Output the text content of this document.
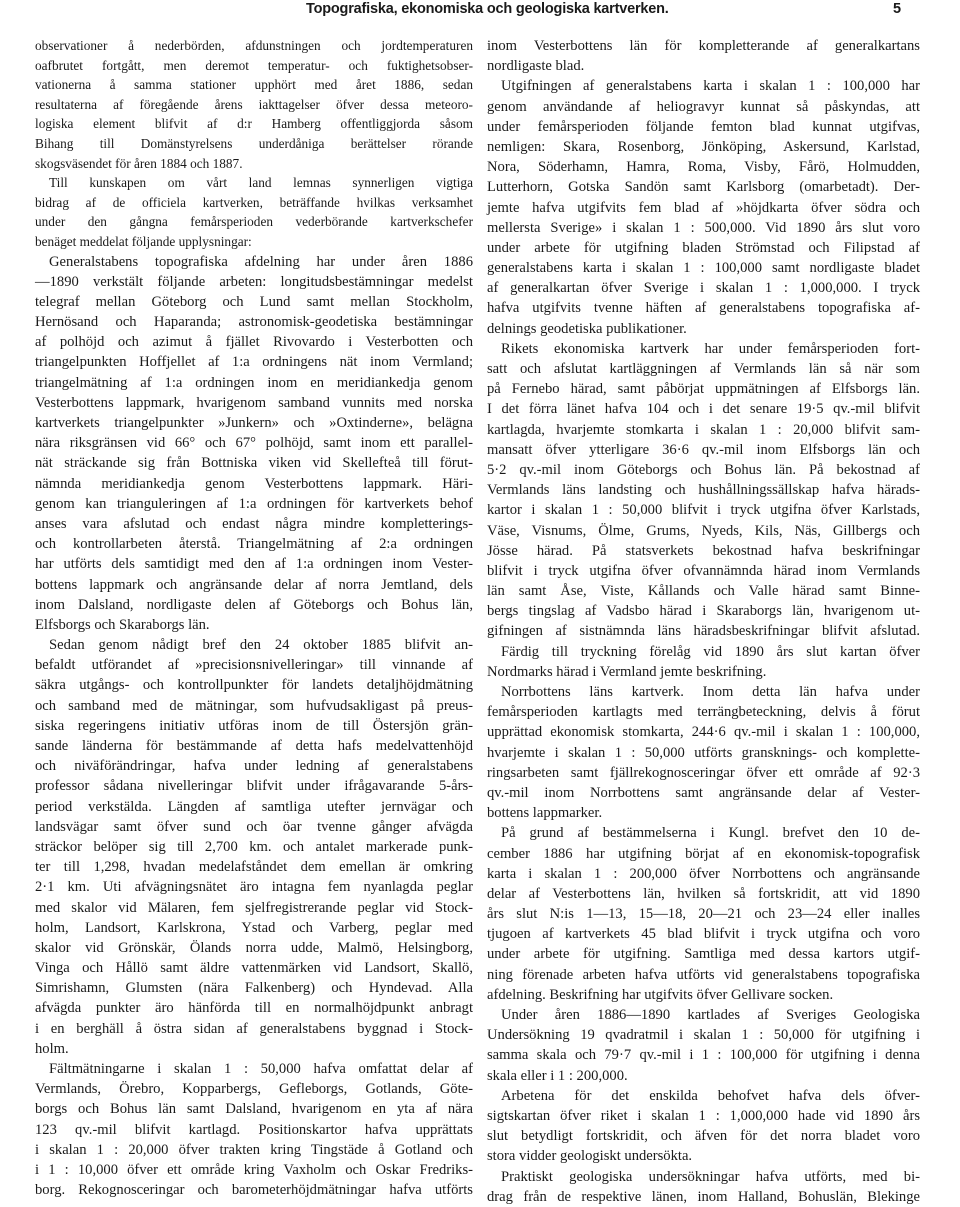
Topografiska, ekonomiska och geologiska kartverken.	5
observationer å nederbörden, afdunstningen och jordtemperaturen
oafbrutet fortgått, men deremot temperatur- och fuktighetsobser-
vationerna å samma stationer upphört med året 1886, sedan
resultaterna af föregående årens iakttagelser öfver dessa meteoro-
logiska element blifvit af d:r Hamberg offentliggjorda såsom
Bihang till Domänstyrelsens underdåniga berättelser rörande
skogsväsendet för åren 1884 och 1887.
Till kunskapen om vårt land lemnas synnerligen vigtiga
bidrag af de officiela kartverken, beträffande hvilkas verksamhet
under den gångna femårsperioden vederbörande kartverkschefer
benäget meddelat följande upplysningar:
Generalstabens topografiska afdelning har under åren 1886
—1890 verkstält följande arbeten: longitudsbestämningar medelst
telegraf mellan Göteborg och Lund samt mellan Stockholm,
Hernösand och Haparanda; astronomisk-geodetiska bestämningar
af polhöjd och azimut å fjället Rivovardo i Vesterbotten och
triangelpunkten Hoffjellet af 1:a ordningens nät inom Vermland;
triangelmätning af 1:a ordningen inom en meridiankedja genom
Vesterbottens lappmark, hvarigenom samband vunnits med norska
kartverkets triangelpunkter »Junkern» och »Oxtinderne», belägna
nära riksgränsen vid 66° och 67° polhöjd, samt inom ett parallel-
nät sträckande sig från Bottniska viken vid Skellefteå till förut-
nämnda meridiankedja genom Vesterbottens lappmark. Häri-
genom kan trianguleringen af 1:a ordningen för kartverkets behof
anses vara afslutad och endast några mindre kompletterings-
och kontrollarbeten återstå. Triangelmätning af 2:a ordningen
har utförts dels samtidigt med den af 1:a ordningen inom Vester-
bottens lappmark och angränsande delar af norra Jemtland, dels
inom Dalsland, nordligaste delen af Göteborgs och Bohus län,
Elfsborgs och Skaraborgs län.
Sedan genom nådigt bref den 24 oktober 1885 blifvit an-
befaldt utförandet af »precisionsnivelleringar» till vinnande af
säkra utgångs- och kontrollpunkter för landets detaljhöjdmätning
och samband med de mätningar, som hufvudsakligast på preus-
siska regeringens initiativ utföras inom de till Östersjön grän-
sande länderna för bestämmande af detta hafs medelvattenhöjd
och niväförändringar, hafva under ledning af generalstabens
professor sådana nivelleringar blifvit under ifrågavarande 5-års-
period verkstälda. Längden af samtliga utefter jernvägar och
landsvägar samt öfver sund och öar tvenne gånger afvägda
sträckor belöper sig till 2,700 km. och antalet markerade punk-
ter till 1,298, hvadan medelafståndet dem emellan är omkring
2·1 km. Uti afvägningsnätet äro intagna fem nyanlagda peglar
med skalor vid Mälaren, fem sjelfregistrerande peglar vid Stock-
holm, Landsort, Karlskrona, Ystad och Varberg, peglar med
skalor vid Grönskär, Ölands norra udde, Malmö, Helsingborg,
Vinga och Hållö samt äldre vattenmärken vid Landsort, Skallö,
Simrishamn, Glumsten (nära Falkenberg) och Hyndevad. Alla
afvägda punkter äro hänförda till en normalhöjdpunkt anbragt
i en berghäll å östra sidan af generalstabens byggnad i Stock-
holm.
Fältmätningarne i skalan 1 : 50,000 hafva omfattat delar af
Vermlands, Örebro, Kopparbergs, Gefleborgs, Gotlands, Göte-
borgs och Bohus län samt Dalsland, hvarigenom en yta af nära
123 qv.-mil blifvit kartlagd. Positionskartor hafva upprättats
i skalan 1 : 20,000 öfver trakten kring Tingstäde å Gotland och
i 1 : 10,000 öfver ett område kring Vaxholm och Oskar Fredriks-
borg. Rekognosceringar och barometerhöjdmätningar hafva utförts
inom Vesterbottens län för kompletterande af generalkartans
nordligaste blad.
Utgifningen af generalstabens karta i skalan 1 : 100,000 har
genom användande af heliogravyr kunnat så påskyndas, att
under femårsperioden följande femton blad kunnat utgifvas,
nemligen: Skara, Rosenborg, Jönköping, Askersund, Karlstad,
Nora, Söderhamn, Hamra, Roma, Visby, Fårö, Holmudden,
Lutterhorn, Gotska Sandön samt Karlsborg (omarbetadt). Der-
jemte hafva utgifvits fem blad af »höjdkarta öfver södra och
mellersta Sverige» i skalan 1 : 500,000. Vid 1890 års slut voro
under arbete för utgifning bladen Strömstad och Filipstad af
generalstabens karta i skalan 1 : 100,000 samt nordligaste bladet
af generalkartan öfver Sverige i skalan 1 : 1,000,000. I tryck
hafva utgifvits tvenne häften af generalstabens topografiska af-
delnings geodetiska publikationer.
Rikets ekonomiska kartverk har under femårsperioden fort-
satt och afslutat kartläggningen af Vermlands län så när som
på Fernebo härad, samt påbörjat uppmätningen af Elfsborgs län.
I det förra länet hafva 104 och i det senare 19·5 qv.-mil blifvit
kartlagda, hvarjemte stomkarta i skalan 1 : 20,000 blifvit sam-
mansatt öfver ytterligare 36·6 qv.-mil inom Elfsborgs län och
5·2 qv.-mil inom Göteborgs och Bohus län. På bekostnad af
Vermlands läns landsting och hushållningssällskap hafva härads-
kartor i skalan 1 : 50,000 blifvit i tryck utgifna öfver Karlstads,
Väse, Visnums, Ölme, Grums, Nyeds, Kils, Näs, Gillbergs och
Jösse härad. På statsverkets bekostnad hafva beskrifningar
blifvit i tryck utgifna öfver ofvannämnda härad inom Vermlands
län samt Åse, Viste, Kållands och Valle härad samt Binne-
bergs tingslag af Vadsbo härad i Skaraborgs län, hvarigenom ut-
gifningen af sistnämnda läns häradsbeskrifningar blifvit afslutad.
Färdig till tryckning förelåg vid 1890 års slut kartan öfver
Nordmarks härad i Vermland jemte beskrifning.
Norrbottens läns kartverk. Inom detta län hafva under
femårsperioden kartlagts med terrängbeteckning, delvis å förut
upprättad ekonomisk stomkarta, 244·6 qv.-mil i skalan 1 : 100,000,
hvarjemte i skalan 1 : 50,000 utförts gransknings- och komplette-
ringsarbeten samt fjällrekognosceringar öfver ett område af 92·3
qv.-mil inom Norrbottens samt angränsande delar af Vester-
bottens lappmarker.
På grund af bestämmelserna i Kungl. brefvet den 10 de-
cember 1886 har utgifning börjat af en ekonomisk-topografisk
karta i skalan 1 : 200,000 öfver Norrbottens och angränsande
delar af Vesterbottens län, hvilken så fortskridit, att vid 1890
års slut N:is 1—13, 15—18, 20—21 och 23—24 eller inalles
tjugoen af kartverkets 45 blad blifvit i tryck utgifna och voro
under arbete för utgifning. Samtliga med dessa kartors utgif-
ning förenade arbeten hafva utförts vid generalstabens topografiska
afdelning. Beskrifning har utgifvits öfver Gellivare socken.
Under åren 1886—1890 kartlades af Sveriges Geologiska
Undersökning 19 qvadratmil i skalan 1 : 50,000 för utgifning i
samma skala och 79·7 qv.-mil i 1 : 100,000 för utgifning i denna
skala eller i 1 : 200,000.
Arbetena för det enskilda behofvet hafva dels öfver-
sigtskartan öfver riket i skalan 1 : 1,000,000 hade vid 1890 års
slut betydligt fortskridit, och äfven för det norra bladet voro
stora vidder geologiskt undersökta.
Praktiskt geologiska undersökningar hafva utförts, med bi-
drag från de respektive länen, inom Halland, Bohuslän, Blekinge
